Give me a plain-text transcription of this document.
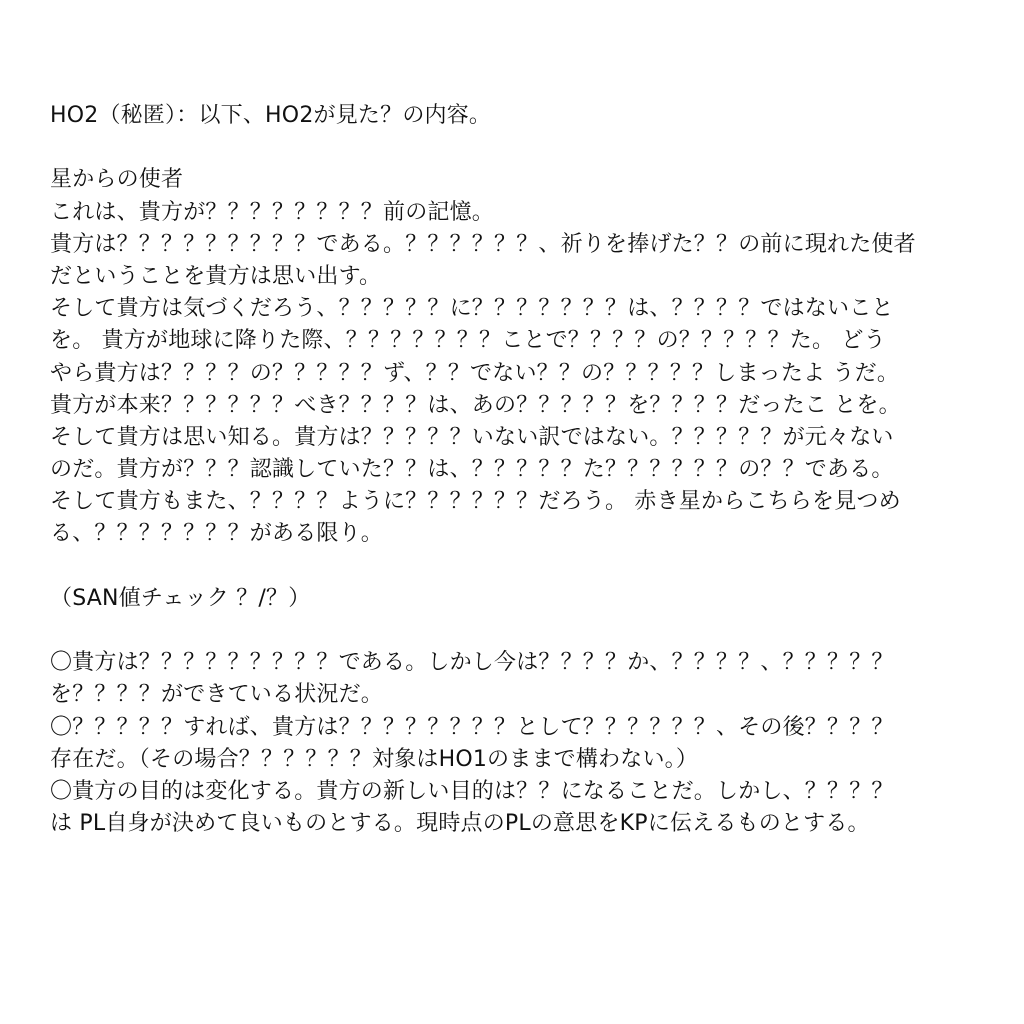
HO2（秘匿）：以下、HO2が見た？の内容。
星からの使者
これは、貴方が？？？？？？？？前の記憶。
貴方は？？？？？？？？？である。？？？？？？、祈りを捧げた？？の前に現れた使者
だということを貴方は思い出す。
そして貴方は気づくだろう、？？？？？に？？？？？？？は、？？？？ではないこと
を。 貴方が地球に降りた際、？？？？？？？ことで？？？？の？？？？？た。 どう
やら貴方は？？？？の？？？？？ず、？？でない？？の？？？？？しまったよ うだ。
貴方が本来？？？？？？べき？？？？は、あの？？？？？を？？？？だったこ とを。
そして貴方は思い知る。貴方は？？？？？いない訳ではない。？？？？？が元々ない
のだ。貴方が？？？認識していた？？は、？？？？？た？？？？？？の？？である。
そして貴方もまた、？？？？ように？？？？？？だろう。 赤き星からこちらを見つめ
る、？？？？？？？がある限り。
（SAN値チェック ？/？）
〇貴方は？？？？？？？？？である。しかし今は？？？？か、？？？？、？？？？？
を？？？？ができている状況だ。
〇？？？？？すれば、貴方は？？？？？？？？として？？？？？？、その後？？？？
存在だ。（その場合？？？？？？対象はHO1のままで構わない。）
〇貴方の目的は変化する。貴方の新しい目的は？？になることだ。しかし、？？？？
は PL自身が決めて良いものとする。現時点のPLの意思をKPに伝えるものとする。
